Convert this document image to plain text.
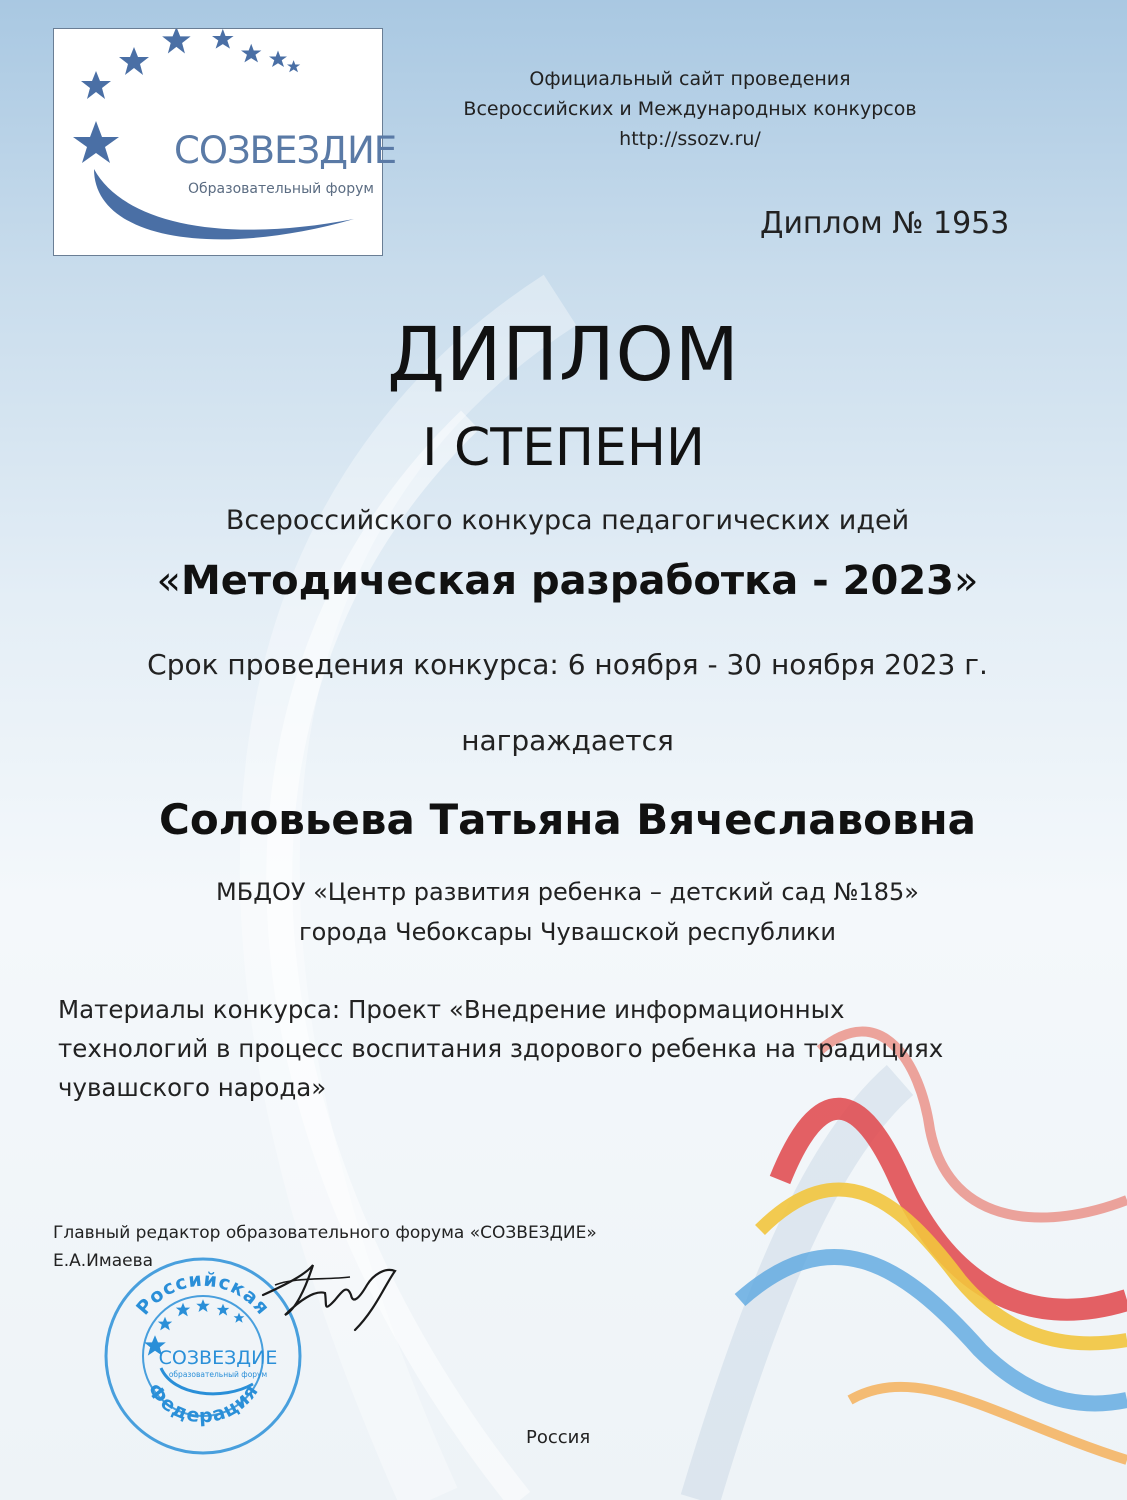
СОЗВЕЗДИЕ
Образовательный форум
Официальный сайт проведения
Всероссийских и Международных конкурсов
http://ssozv.ru/
Диплом № 1953
ДИПЛОМ
I СТЕПЕНИ
Всероссийского конкурса педагогических идей
«Методическая разработка - 2023»
Срок проведения конкурса: 6 ноября - 30 ноября 2023 г.
награждается
Соловьева Татьяна Вячеславовна
МБДОУ «Центр развития ребенка – детский сад №185»
города Чебоксары Чувашской республики
Материалы конкурса: Проект «Внедрение информационных
технологий в процесс воспитания здорового ребенка на традициях
чувашского народа»
Главный редактор образовательного форума «СОЗВЕЗДИЕ»
Е.А.Имаева
Российская
Федерация
СОЗВЕЗДИЕ
образовательный форум
Россия
